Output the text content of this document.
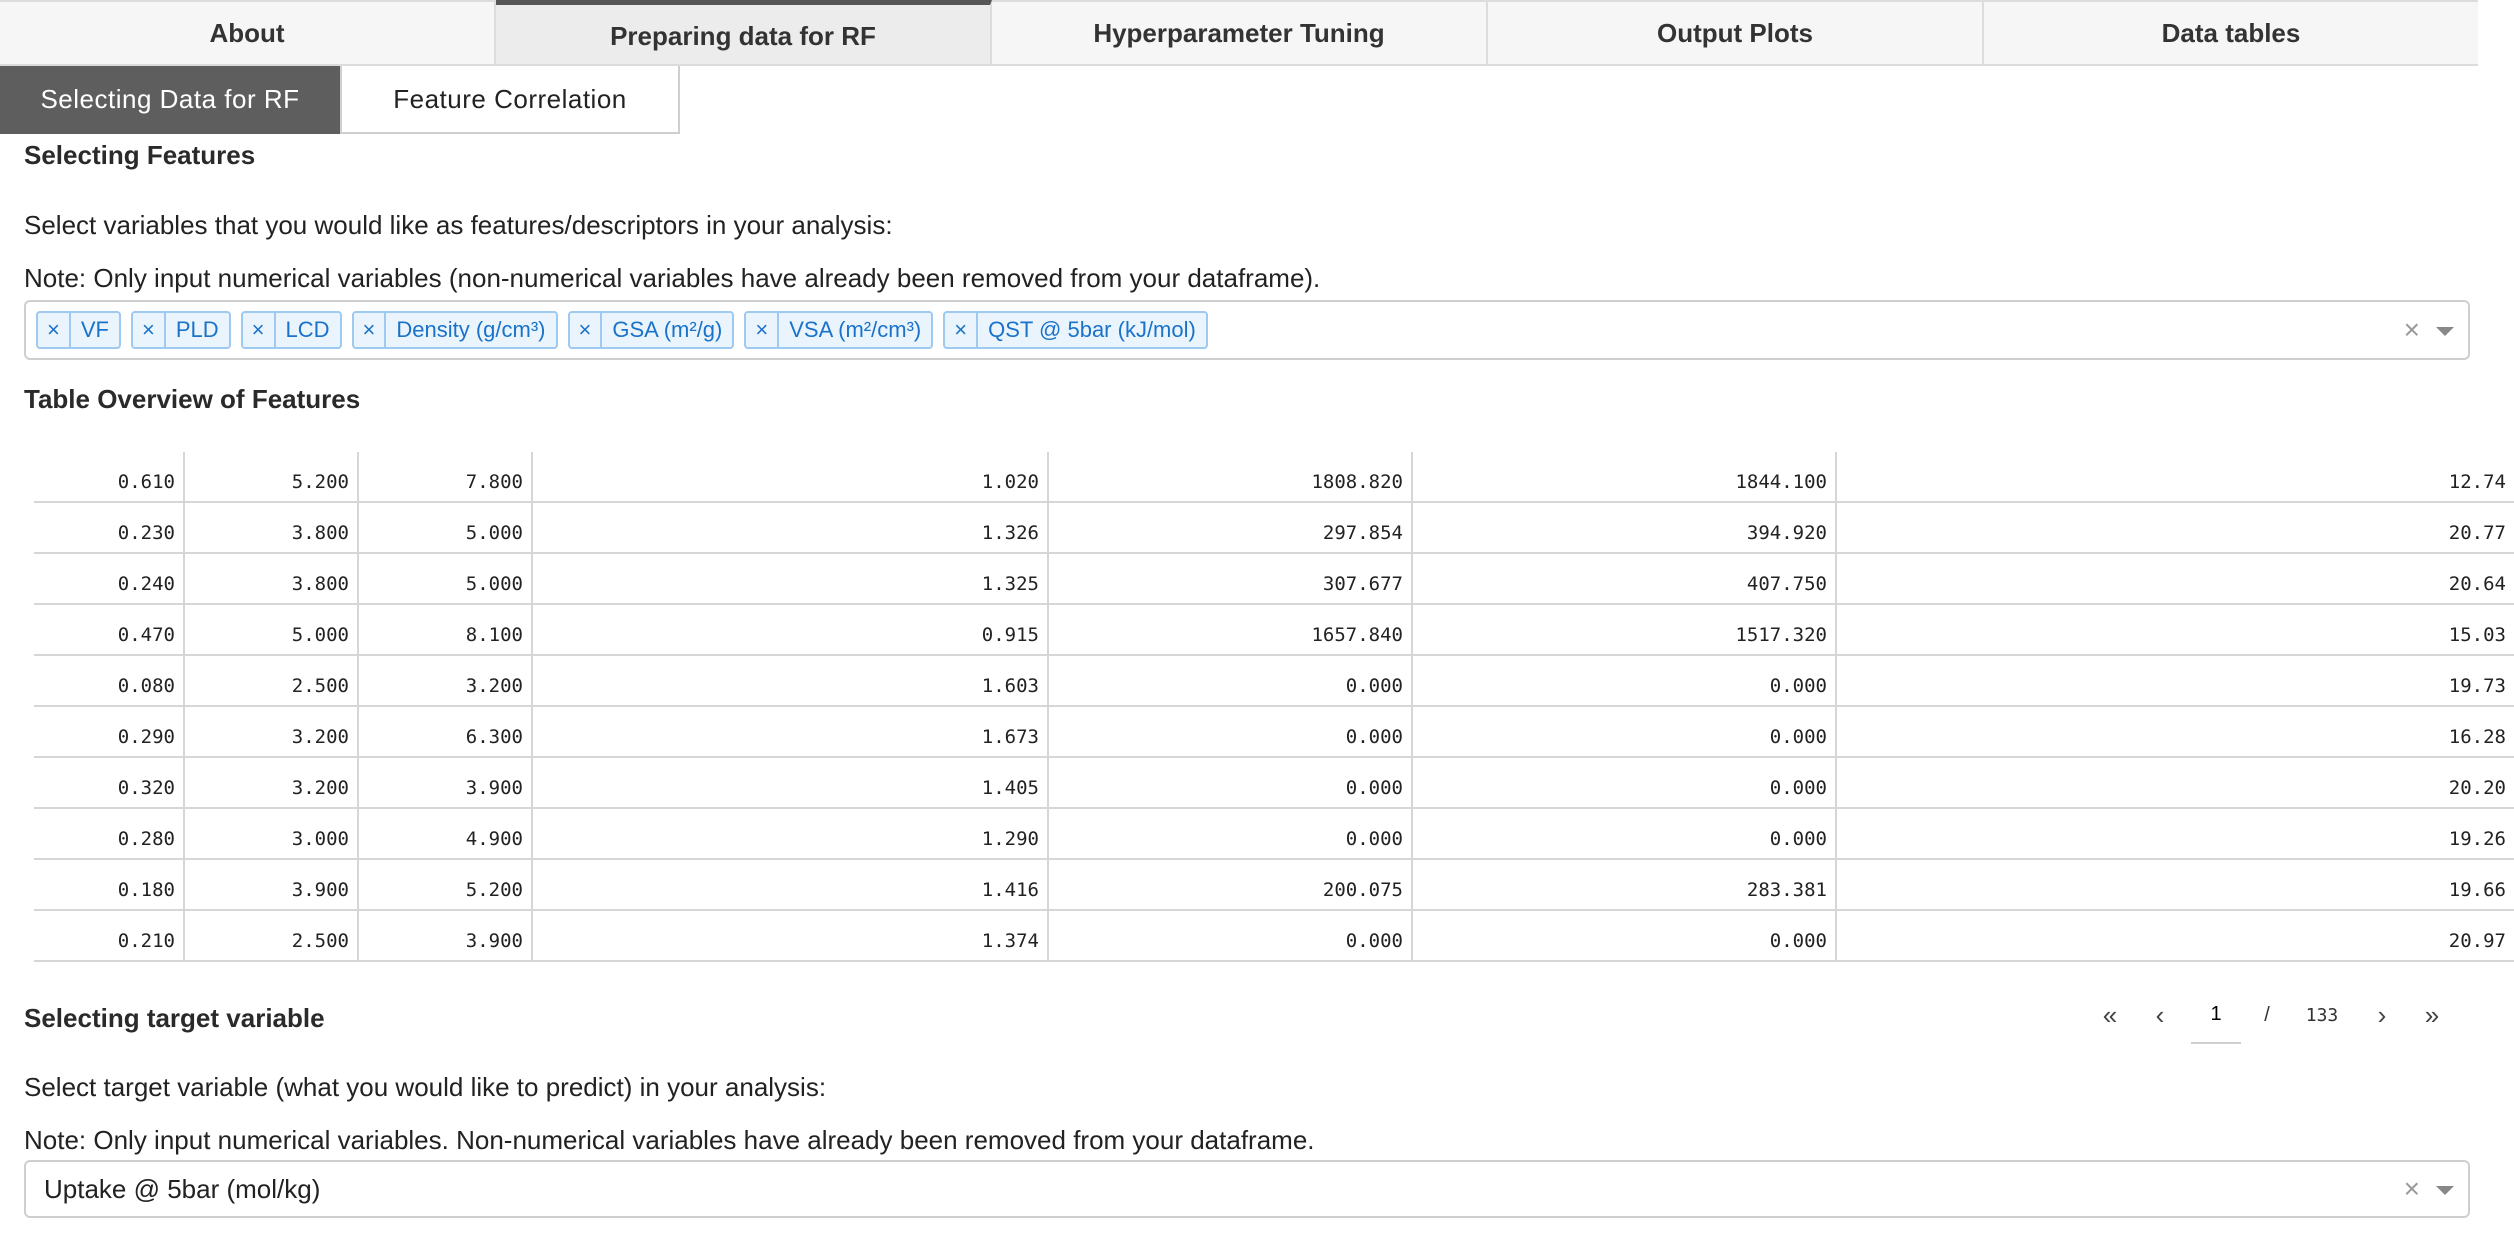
About	Preparing data for RF	Hyperparameter Tuning	Output Plots	Data tables
Selecting Data for RF	Feature Correlation
Selecting Features
Select variables that you would like as features/descriptors in your analysis:
Note: Only input numerical variables (non-numerical variables have already been removed from your dataframe).
× VF	× PLD	× LCD	× Density (g/cm³)	× GSA (m²/g)	× VSA (m²/cm³)	× QST @ 5bar (kJ/mol)	×
Table Overview of Features
0.610	5.200	7.800	1.020	1808.820	1844.100	12.74
0.230	3.800	5.000	1.326	297.854	394.920	20.77
0.240	3.800	5.000	1.325	307.677	407.750	20.64
0.470	5.000	8.100	0.915	1657.840	1517.320	15.03
0.080	2.500	3.200	1.603	0.000	0.000	19.73
0.290	3.200	6.300	1.673	0.000	0.000	16.28
0.320	3.200	3.900	1.405	0.000	0.000	20.20
0.280	3.000	4.900	1.290	0.000	0.000	19.26
0.180	3.900	5.200	1.416	200.075	283.381	19.66
0.210	2.500	3.900	1.374	0.000	0.000	20.97
«	‹
1	/	133	›	»
Selecting target variable
Select target variable (what you would like to predict) in your analysis:
Note: Only input numerical variables. Non-numerical variables have already been removed from your dataframe.
Uptake @ 5bar (mol/kg)	×
